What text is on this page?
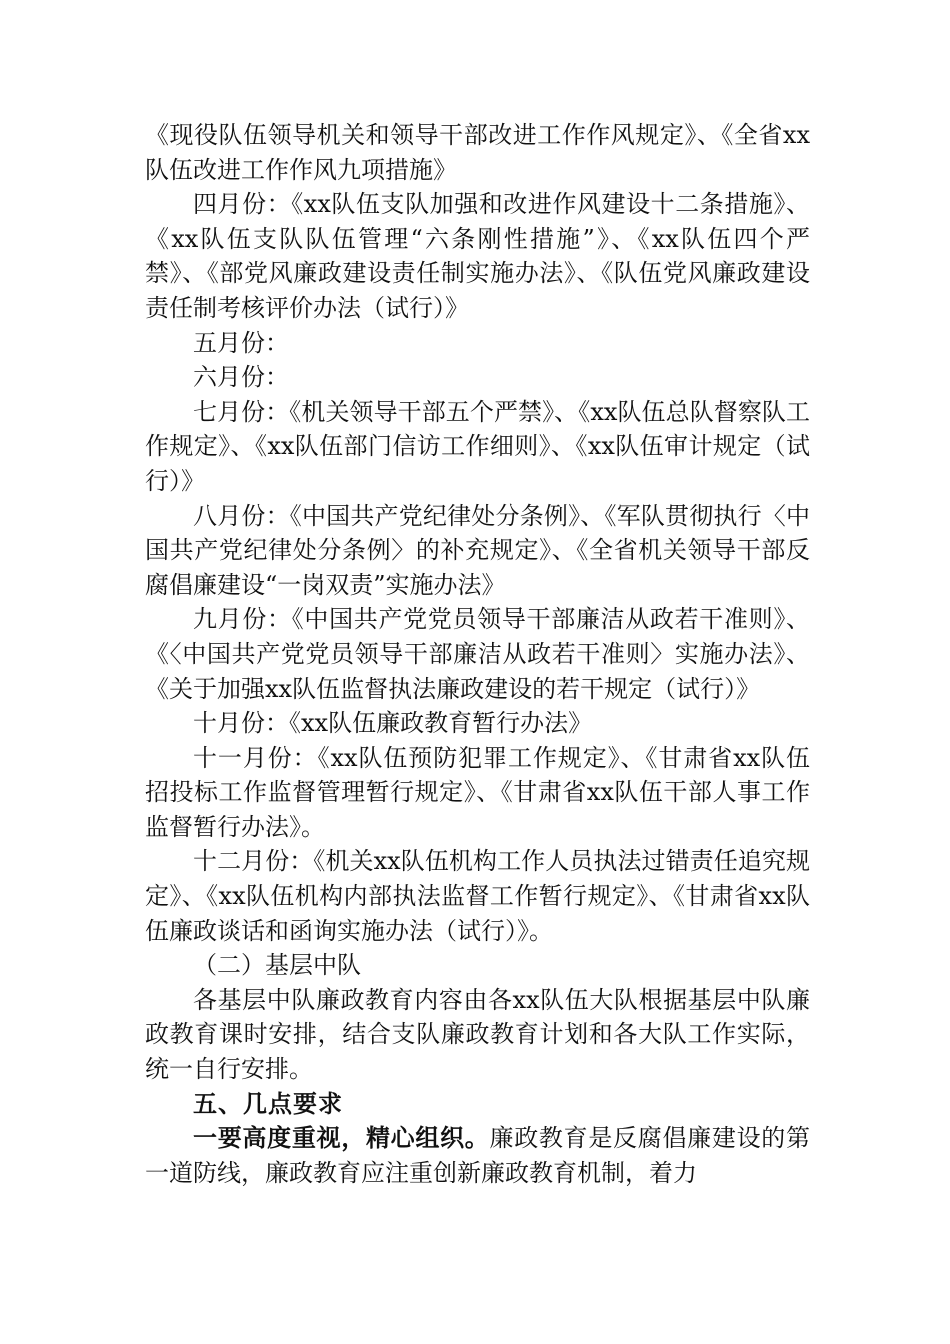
《现役队伍领导机关和领导干部改进工作作风规定》、《全省xx队伍改进工作作风九项措施》

四月份：《xx队伍支队加强和改进作风建设十二条措施》、《xx队伍支队队伍管理“六条刚性措施”》、《xx队伍四个严禁》、《部党风廉政建设责任制实施办法》、《队伍党风廉政建设责任制考核评价办法（试行）》

五月份：

六月份：

七月份：《机关领导干部五个严禁》、《xx队伍总队督察队工作规定》、《xx队伍部门信访工作细则》、《xx队伍审计规定（试行）》

八月份：《中国共产党纪律处分条例》、《军队贯彻执行〈中国共产党纪律处分条例〉的补充规定》、《全省机关领导干部反腐倡廉建设“一岗双责”实施办法》

九月份：《中国共产党党员领导干部廉洁从政若干准则》、《〈中国共产党党员领导干部廉洁从政若干准则〉实施办法》、《关于加强xx队伍监督执法廉政建设的若干规定（试行）》

十月份：《xx队伍廉政教育暂行办法》

十一月份：《xx队伍预防犯罪工作规定》、《甘肃省xx队伍招投标工作监督管理暂行规定》、《甘肃省xx队伍干部人事工作监督暂行办法》。

十二月份：《机关xx队伍机构工作人员执法过错责任追究规定》、《xx队伍机构内部执法监督工作暂行规定》、《甘肃省xx队伍廉政谈话和函询实施办法（试行）》。

（二）基层中队

各基层中队廉政教育内容由各xx队伍大队根据基层中队廉政教育课时安排，结合支队廉政教育计划和各大队工作实际，统一自行安排。

五、几点要求

一要高度重视，精心组织。廉政教育是反腐倡廉建设的第一道防线，廉政教育应注重创新廉政教育机制，着力
